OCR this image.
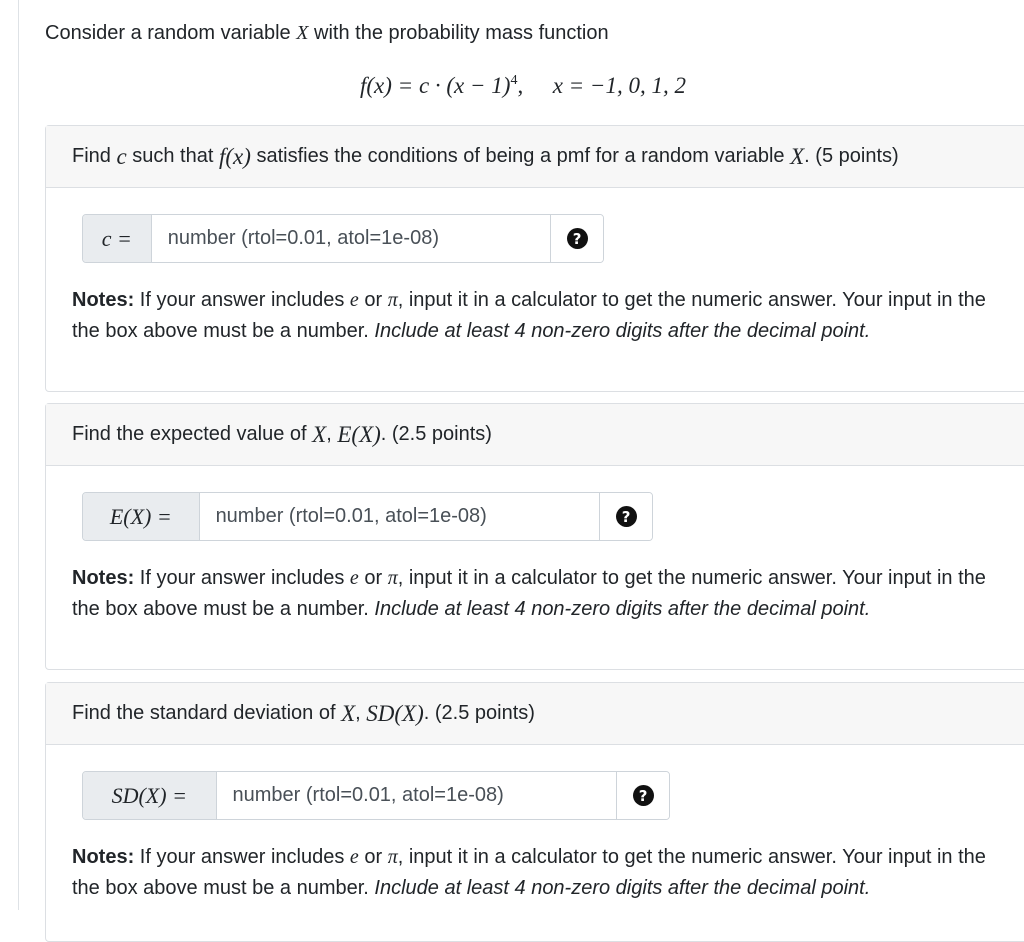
Consider a random variable X with the probability mass function
$f(x) = c \cdot (x - 1)^4$, x = −1, 0, 1, 2
Find
c
such that
f(x)
satisfies the conditions of being a pmf for a random variable
X . (5 points)
c =
number (rtol=0.01, atol=1e-08)	?
Notes: If your answer includes e or π, input it in a calculator to get the numeric answer. Your input in the the box above must be a number. Include at least 4 non-zero digits after the decimal point.
Find the expected value of
X ,
E(X) . (2.5 points)
E(X) =
number (rtol=0.01, atol=1e-08)	?
Notes: If your answer includes e or π, input it in a calculator to get the numeric answer. Your input in the the box above must be a number. Include at least 4 non-zero digits after the decimal point.
Find the standard deviation of
X ,
SD(X) . (2.5 points)
SD(X) =
number (rtol=0.01, atol=1e-08)	?
Notes: If your answer includes e or π, input it in a calculator to get the numeric answer. Your input in the the box above must be a number. Include at least 4 non-zero digits after the decimal point.
